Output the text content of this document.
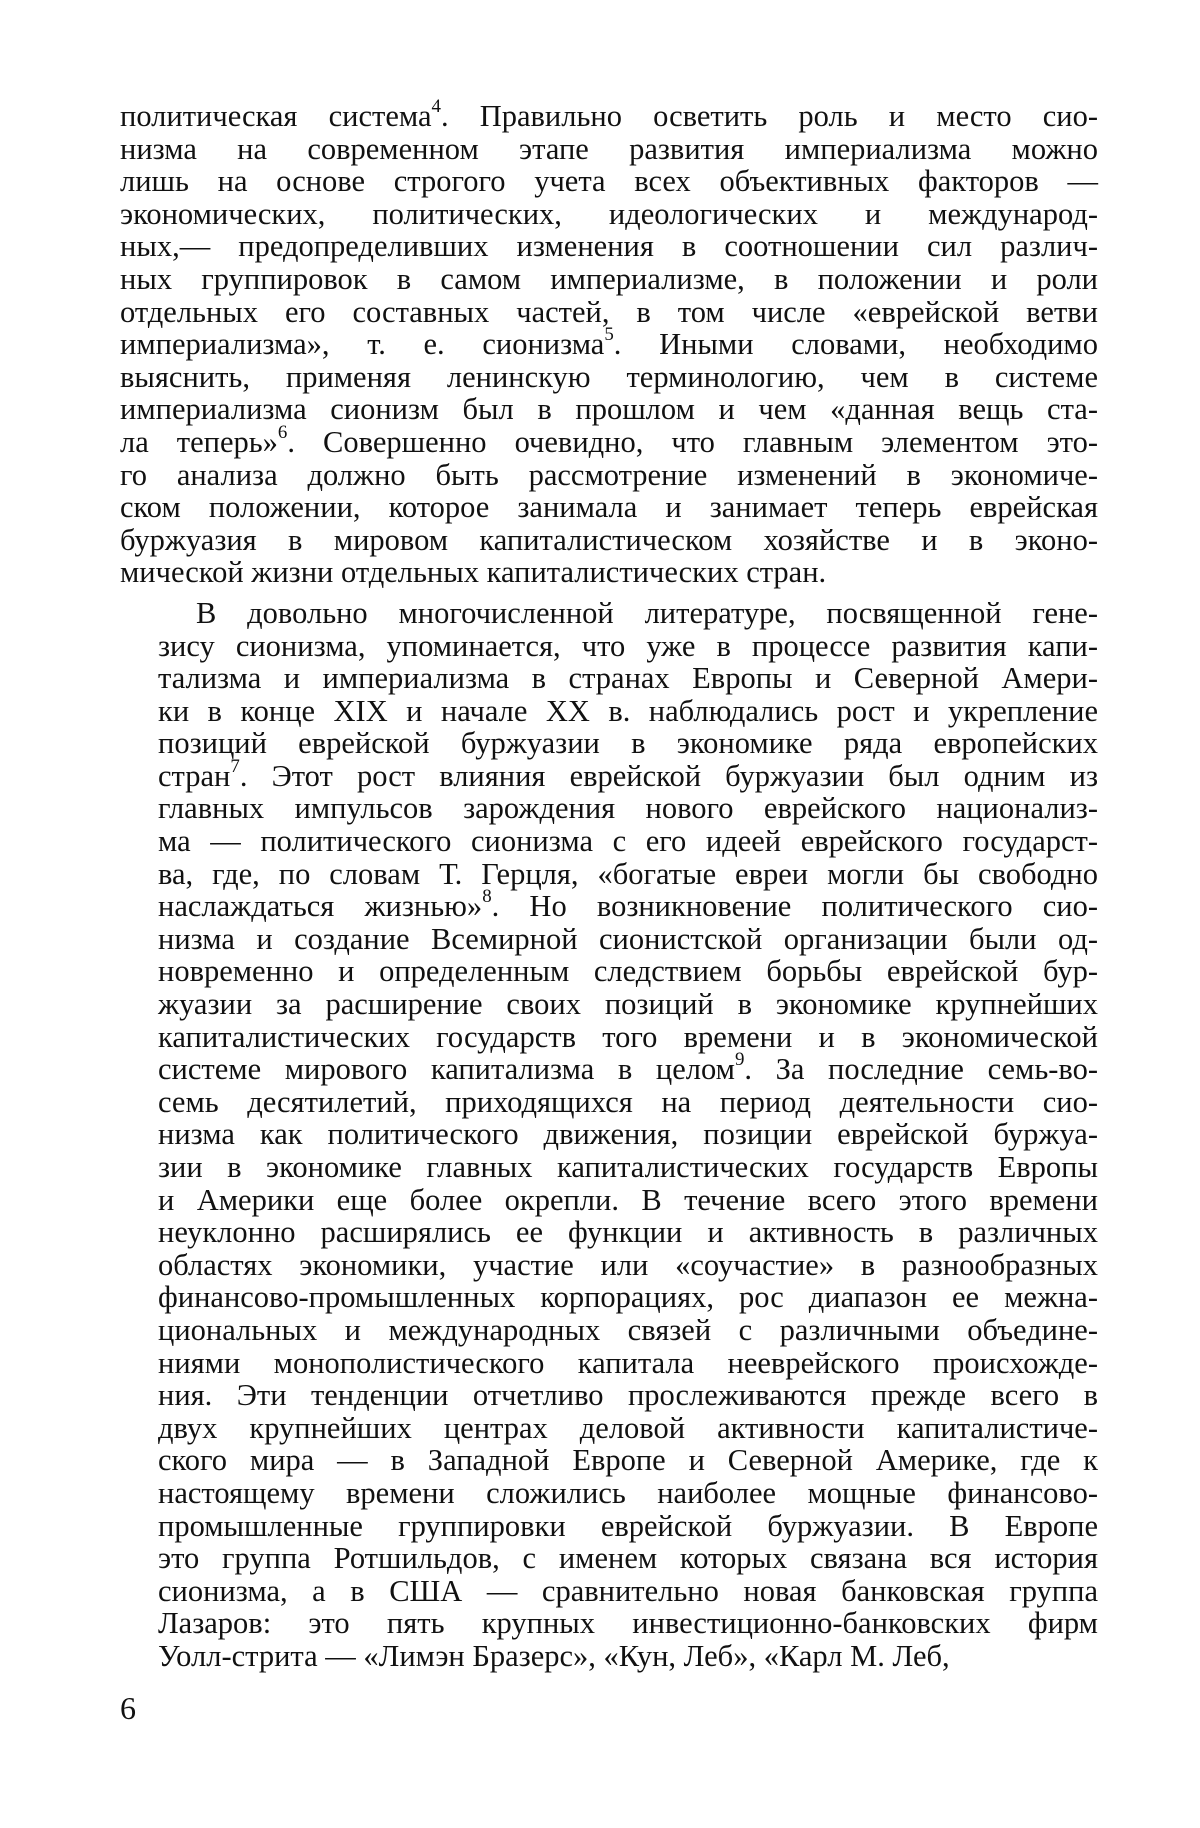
политическая система$^4$. Правильно осветить роль и место сио-
низма на современном этапе развития империализма можно
лишь на основе строгого учета всех объективных факторов —
экономических, политических, идеологических и международ-
ных,— предопределивших изменения в соотношении сил различ-
ных группировок в самом империализме, в положении и роли
отдельных его составных частей, в том числе «еврейской ветви
империализма», т. е. сионизма$^5$. Иными словами, необходимо
выяснить, применяя ленинскую терминологию, чем в системе
империализма сионизм был в прошлом и чем «данная вещь ста-
ла теперь»$^6$. Совершенно очевидно, что главным элементом это-
го анализа должно быть рассмотрение изменений в экономиче-
ском положении, которое занимала и занимает теперь еврейская
буржуазия в мировом капиталистическом хозяйстве и в эконо-
мической жизни отдельных капиталистических стран.
В довольно многочисленной литературе, посвященной гене-
зису сионизма, упоминается, что уже в процессе развития капи-
тализма и империализма в странах Европы и Северной Амери-
ки в конце XIX и начале XX в. наблюдались рост и укрепление
позиций еврейской буржуазии в экономике ряда европейских
стран$^7$. Этот рост влияния еврейской буржуазии был одним из
главных импульсов зарождения нового еврейского национализ-
ма — политического сионизма с его идеей еврейского государст-
ва, где, по словам Т. Герцля, «богатые евреи могли бы свободно
наслаждаться жизнью»$^8$. Но возникновение политического сио-
низма и создание Всемирной сионистской организации были од-
новременно и определенным следствием борьбы еврейской бур-
жуазии за расширение своих позиций в экономике крупнейших
капиталистических государств того времени и в экономической
системе мирового капитализма в целом$^9$. За последние семь-во-
семь десятилетий, приходящихся на период деятельности сио-
низма как политического движения, позиции еврейской буржуа-
зии в экономике главных капиталистических государств Европы
и Америки еще более окрепли. В течение всего этого времени
неуклонно расширялись ее функции и активность в различных
областях экономики, участие или «соучастие» в разнообразных
финансово-промышленных корпорациях, рос диапазон ее межна-
циональных и международных связей с различными объедине-
ниями монополистического капитала нееврейского происхожде-
ния. Эти тенденции отчетливо прослеживаются прежде всего в
двух крупнейших центрах деловой активности капиталистиче-
ского мира — в Западной Европе и Северной Америке, где к
настоящему времени сложились наиболее мощные финансово-
промышленные группировки еврейской буржуазии. В Европе
это группа Ротшильдов, с именем которых связана вся история
сионизма, а в США — сравнительно новая банковская группа
Лазаров: это пять крупных инвестиционно-банковских фирм
Уолл-стрита — «Лимэн Бразерс», «Кун, Леб», «Карл М. Леб,
6
